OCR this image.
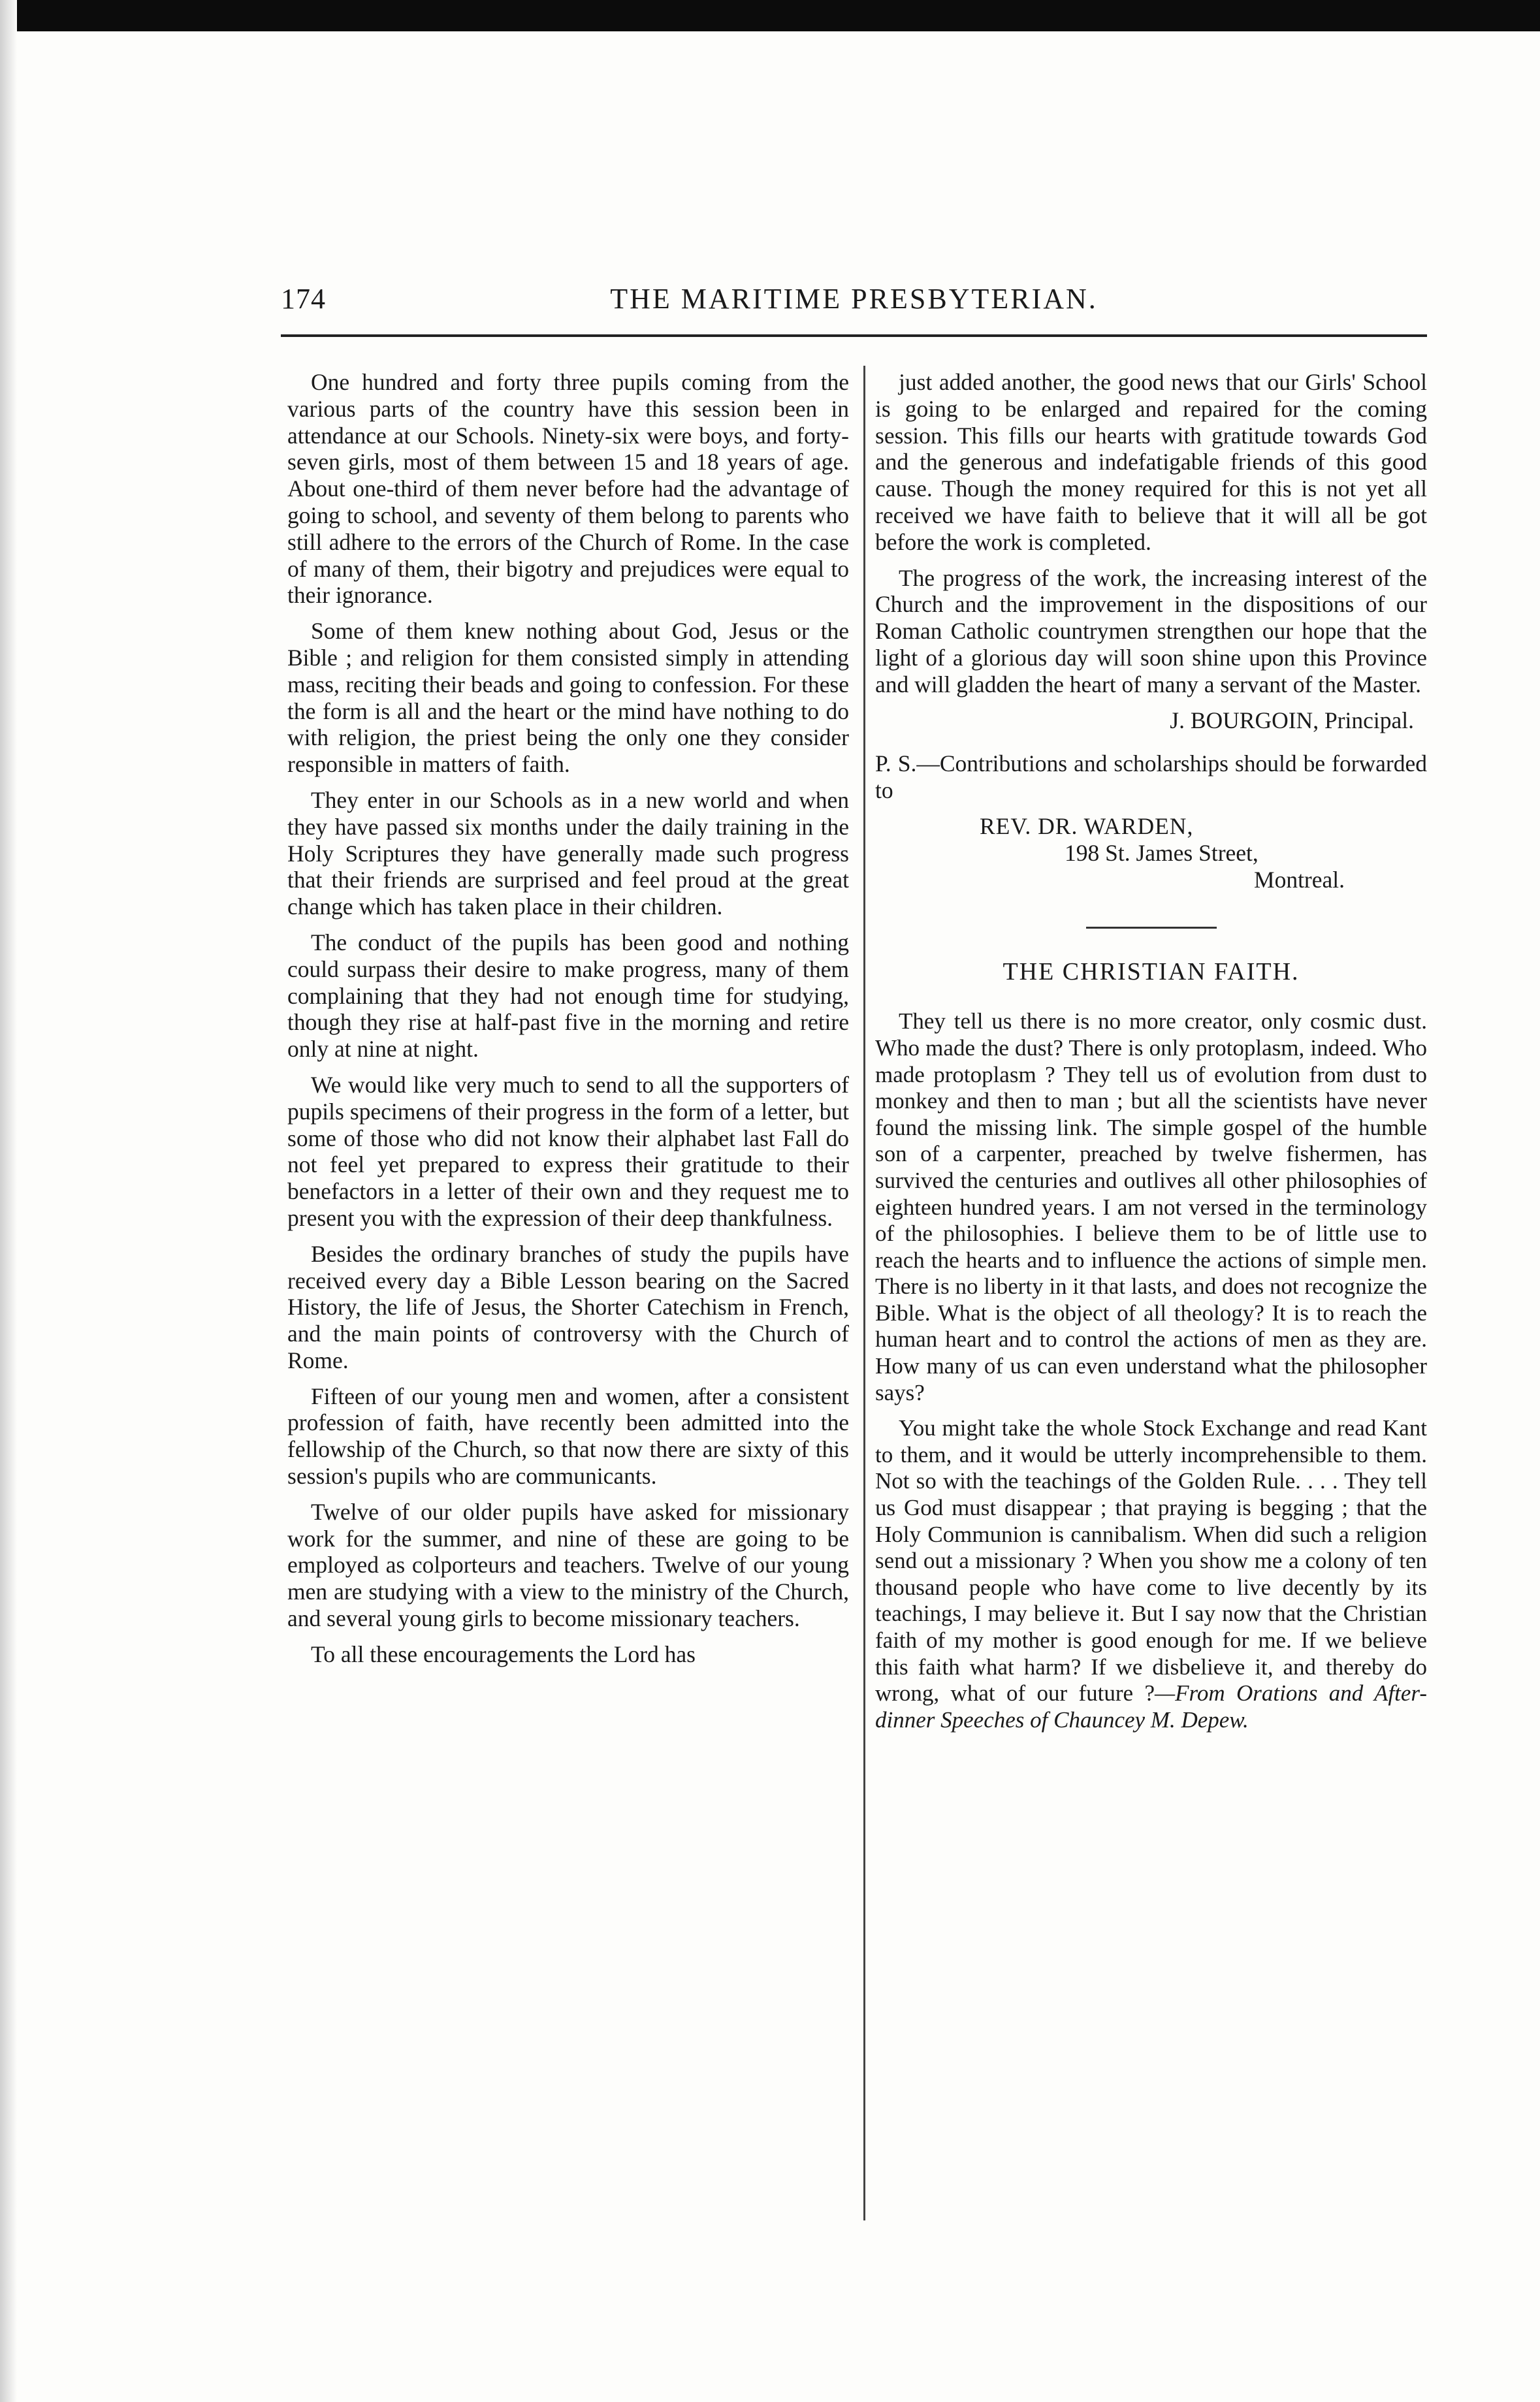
174	THE MARITIME PRESBYTERIAN.

One hundred and forty three pupils coming from the various parts of the country have this session been in attendance at our Schools. Ninety-six were boys, and forty-seven girls, most of them between 15 and 18 years of age. About one-third of them never before had the advantage of going to school, and seventy of them belong to parents who still adhere to the errors of the Church of Rome. In the case of many of them, their bigotry and prejudices were equal to their ignorance.

Some of them knew nothing about God, Jesus or the Bible ; and religion for them consisted simply in attending mass, reciting their beads and going to confession. For these the form is all and the heart or the mind have nothing to do with religion, the priest being the only one they consider responsible in matters of faith.

They enter in our Schools as in a new world and when they have passed six months under the daily training in the Holy Scriptures they have generally made such progress that their friends are surprised and feel proud at the great change which has taken place in their children.

The conduct of the pupils has been good and nothing could surpass their desire to make progress, many of them complaining that they had not enough time for studying, though they rise at half-past five in the morning and retire only at nine at night.

We would like very much to send to all the supporters of pupils specimens of their progress in the form of a letter, but some of those who did not know their alphabet last Fall do not feel yet prepared to express their gratitude to their benefactors in a letter of their own and they request me to present you with the expression of their deep thankfulness.

Besides the ordinary branches of study the pupils have received every day a Bible Lesson bearing on the Sacred History, the life of Jesus, the Shorter Catechism in French, and the main points of controversy with the Church of Rome.

Fifteen of our young men and women, after a consistent profession of faith, have recently been admitted into the fellowship of the Church, so that now there are sixty of this session's pupils who are communicants.

Twelve of our older pupils have asked for missionary work for the summer, and nine of these are going to be employed as colporteurs and teachers. Twelve of our young men are studying with a view to the ministry of the Church, and several young girls to become missionary teachers.

To all these encouragements the Lord has

just added another, the good news that our Girls' School is going to be enlarged and repaired for the coming session. This fills our hearts with gratitude towards God and the generous and indefatigable friends of this good cause. Though the money required for this is not yet all received we have faith to believe that it will all be got before the work is completed.

The progress of the work, the increasing interest of the Church and the improvement in the dispositions of our Roman Catholic countrymen strengthen our hope that the light of a glorious day will soon shine upon this Province and will gladden the heart of many a servant of the Master.

J. BOURGOIN, Principal.

P. S.—Contributions and scholarships should be forwarded to

REV. DR. WARDEN,
198 St. James Street,
Montreal.
THE CHRISTIAN FAITH.

They tell us there is no more creator, only cosmic dust. Who made the dust? There is only protoplasm, indeed. Who made protoplasm ? They tell us of evolution from dust to monkey and then to man ; but all the scientists have never found the missing link. The simple gospel of the humble son of a carpenter, preached by twelve fishermen, has survived the centuries and outlives all other philosophies of eighteen hundred years. I am not versed in the terminology of the philosophies. I believe them to be of little use to reach the hearts and to influence the actions of simple men. There is no liberty in it that lasts, and does not recognize the Bible. What is the object of all theology? It is to reach the human heart and to control the actions of men as they are. How many of us can even understand what the philosopher says?

You might take the whole Stock Exchange and read Kant to them, and it would be utterly incomprehensible to them. Not so with the teachings of the Golden Rule. . . . They tell us God must disappear ; that praying is begging ; that the Holy Communion is cannibalism. When did such a religion send out a missionary ? When you show me a colony of ten thousand people who have come to live decently by its teachings, I may believe it. But I say now that the Christian faith of my mother is good enough for me. If we believe this faith what harm? If we disbelieve it, and thereby do wrong, what of our future ?—From Orations and After-dinner Speeches of Chauncey M. Depew.
